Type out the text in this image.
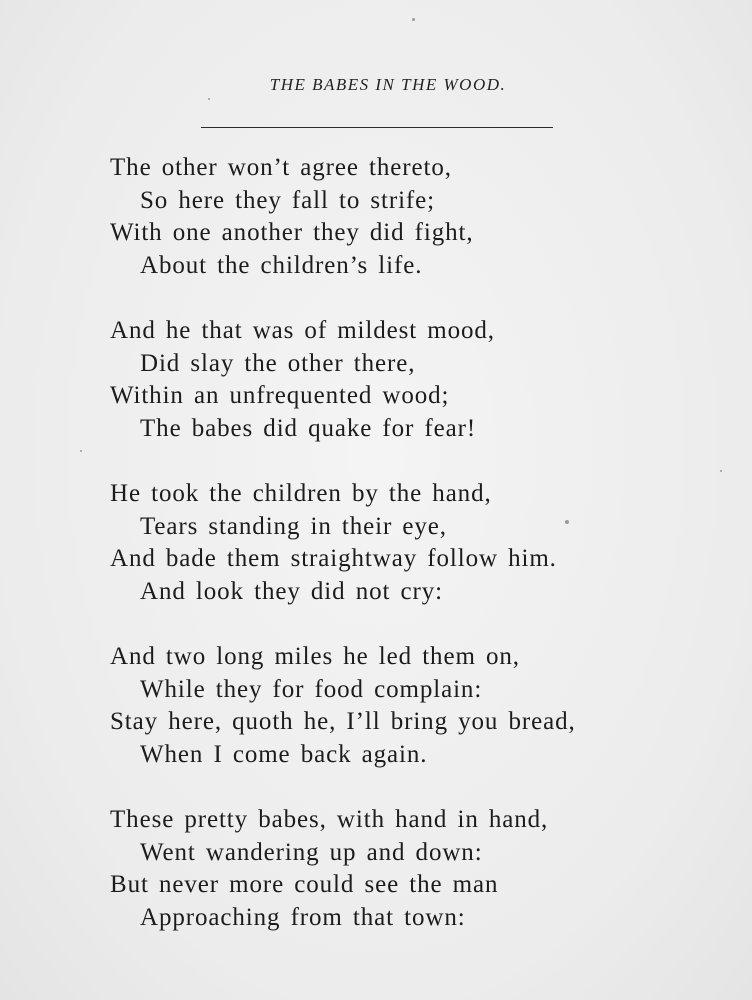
THE BABES IN THE WOOD.
The other won’t agree thereto,
So here they fall to strife;
With one another they did fight,
About the children’s life.
And he that was of mildest mood,
Did slay the other there,
Within an unfrequented wood;
The babes did quake for fear!
He took the children by the hand,
Tears standing in their eye,
And bade them straightway follow him.
And look they did not cry:
And two long miles he led them on,
While they for food complain:
Stay here, quoth he, I’ll bring you bread,
When I come back again.
These pretty babes, with hand in hand,
Went wandering up and down:
But never more could see the man
Approaching from that town:
